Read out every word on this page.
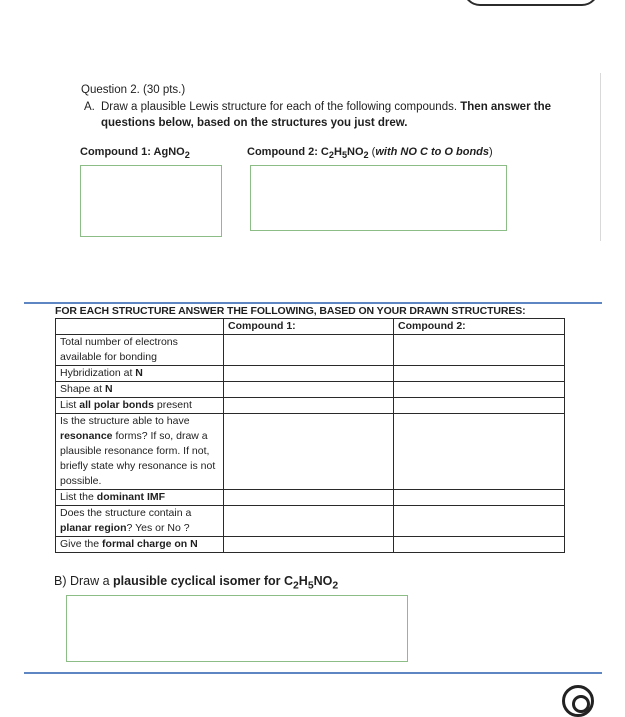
Question 2. (30 pts.)
A. Draw a plausible Lewis structure for each of the following compounds. Then answer the
questions below, based on the structures you just drew.
Compound 1: AgNO$_2$	Compound 2: $C_2H_5NO_2$ (with NO C to O bonds)
FOR EACH STRUCTURE ANSWER THE FOLLOWING, BASED ON YOUR DRAWN STRUCTURES:
	Compound 1:	Compound 2:
Total number of electrons available for bonding		
Hybridization at N		
Shape at N		
List all polar bonds present		
Is the structure able to have resonance forms? If so, draw a plausible resonance form. If not, briefly state why resonance is not possible.		
List the dominant IMF		
Does the structure contain a planar region? Yes or No ?		
Give the formal charge on N		
B) Draw a plausible cyclical isomer for $C_2H_5NO_2$
